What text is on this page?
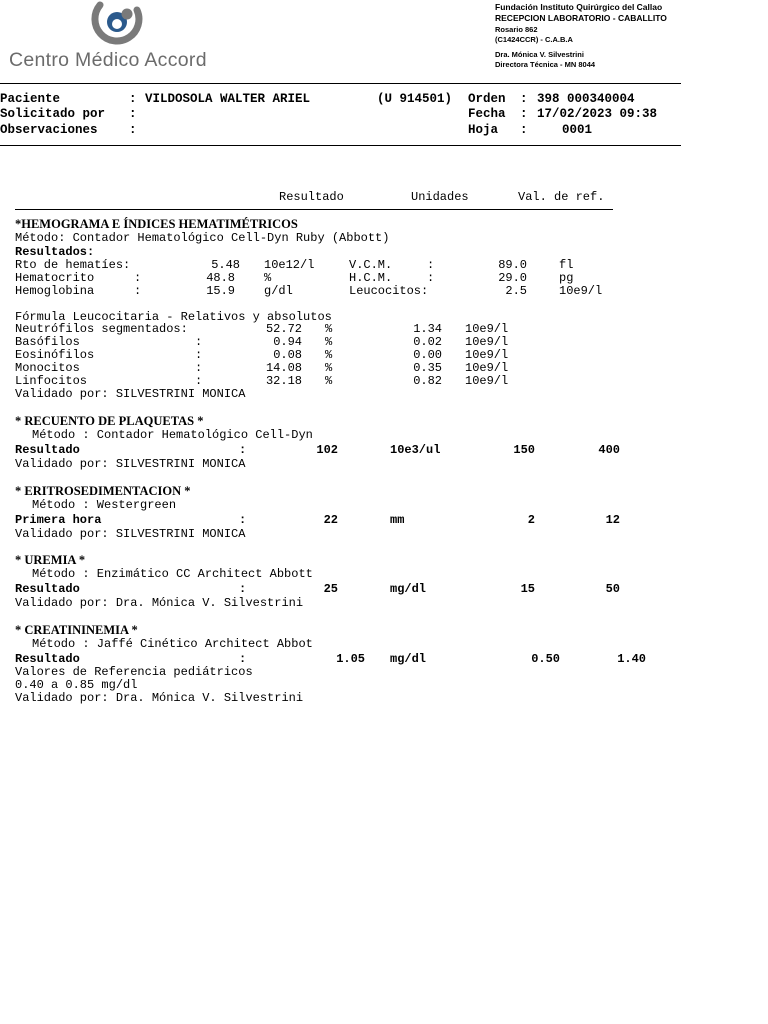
Centro Médico Accord
Fundación Instituto Quirúrgico del Callao
RECEPCION LABORATORIO - CABALLITO
Rosario 862
(C1424CCR) - C.A.B.A
Dra. Mónica V. Silvestrini
Directora Técnica - MN 8044
Paciente	: VILDOSOLA WALTER ARIEL	(U 914501) Orden : 398 000340004
Solicitado por :	Fecha : 17/02/2023 09:38
Observaciones	:	Hoja :	0001
Resultado	Unidades	Val. de ref.
*HEMOGRAMA E ÍNDICES HEMATIMÉTRICOS
Método: Contador Hematológico Cell-Dyn Ruby (Abbott)
Resultados:
Rto de hematíes:	5.48 10e12/l	V.C.M.	:	89.0	fl
Hematocrito	:	48.8 %	H.C.M.	:	29.0	pg
Hemoglobina	:	15.9 g/dl	Leucocitos:	2.5	10e9/l
Fórmula Leucocitaria - Relativos y absolutos
Neutrófilos segmentados:	52.72 %	1.34 10e9/l
Basófilos	:	0.94 %	0.02 10e9/l
Eosinófilos	:	0.08 %	0.00 10e9/l
Monocitos	:	14.08 %	0.35 10e9/l
Linfocitos	:	32.18 %	0.82 10e9/l
Validado por: SILVESTRINI MONICA
* RECUENTO DE PLAQUETAS *
Método : Contador Hematológico Cell-Dyn
Resultado	:	102	10e3/ul	150	400
Validado por: SILVESTRINI MONICA
* ERITROSEDIMENTACION *
Método : Westergreen
Primera hora	:	22	mm	2	12
Validado por: SILVESTRINI MONICA
* UREMIA *
Método : Enzimático CC Architect Abbott
Resultado	:	25	mg/dl	15	50
Validado por: Dra. Mónica V. Silvestrini
* CREATININEMIA *
Método : Jaffé Cinético Architect Abbot
Resultado	:	1.05 mg/dl	0.50	1.40
Valores de Referencia pediátricos
0.40 a 0.85 mg/dl
Validado por: Dra. Mónica V. Silvestrini
